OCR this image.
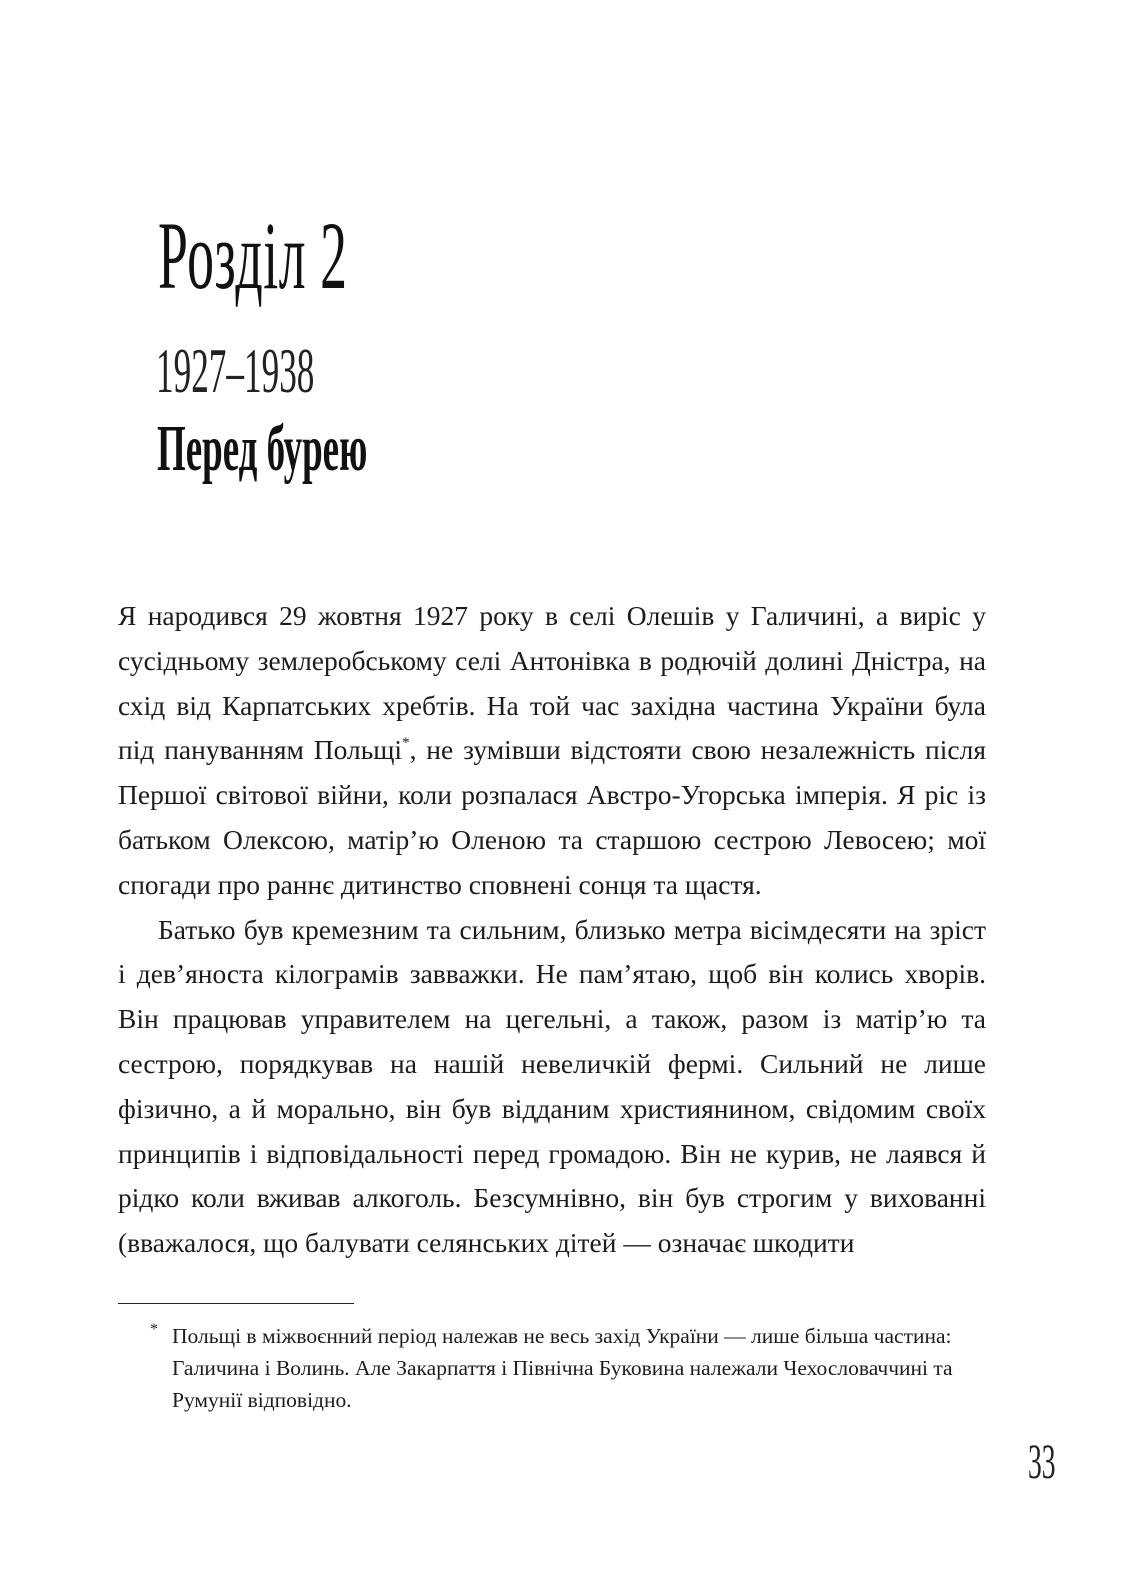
Розділ 2
1927–1938
Перед бурею

Я народився 29 жовтня 1927 року в селі Олешів у Галичині, а виріс у сусідньому землеробському селі Антонівка в родючій долині Дністра, на схід від Карпатських хребтів. На той час західна частина України була під пануванням Польщі*, не зумівши відстояти свою незалежність після Першої світової війни, коли розпалася Австро-Угорська імперія. Я ріс із батьком Олексою, матір’ю Оленою та старшою сестрою Левосею; мої спогади про раннє дитинство сповнені сонця та щастя.

Батько був кремезним та сильним, близько метра вісімдесяти на зріст і дев’яноста кілограмів завважки. Не пам’ятаю, щоб він колись хворів. Він працював управителем на цегельні, а також, разом із матір’ю та сестрою, порядкував на нашій невеличкій фермі. Сильний не лише фізично, а й морально, він був відданим християнином, свідомим своїх принципів і відповідальності перед громадою. Він не курив, не лаявся й рідко коли вживав алкоголь. Безсумнівно, він був строгим у вихованні (вважалося, що балувати селянських дітей — означає шкодити

* Польщі в міжвоєнний період належав не весь захід України — лише більша частина: Галичина і Волинь. Але Закарпаття і Північна Буковина належали Чехословаччині та Румунії відповідно.
33
